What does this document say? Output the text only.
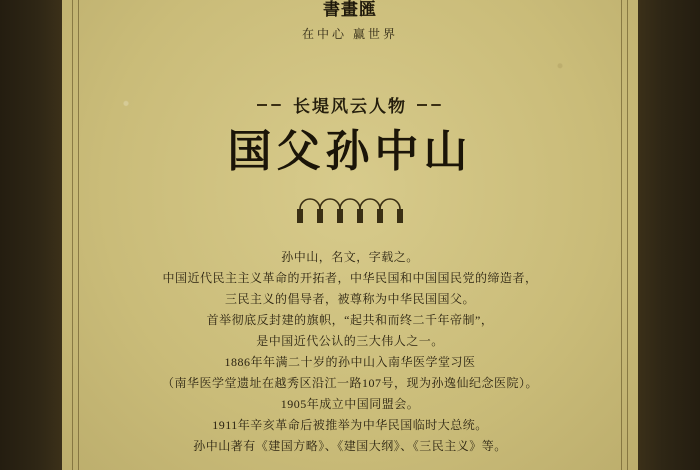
書畫匯
在中心 赢世界
长堤风云人物
国父孙中山

孙中山，名文，字载之。

中国近代民主主义革命的开拓者，中华民国和中国国民党的缔造者，

三民主义的倡导者，被尊称为中华民国国父。

首举彻底反封建的旗帜，“起共和而终二千年帝制”，

是中国近代公认的三大伟人之一。

1886年年满二十岁的孙中山入南华医学堂习医

（南华医学堂遗址在越秀区沿江一路107号，现为孙逸仙纪念医院）。

1905年成立中国同盟会。

1911年辛亥革命后被推举为中华民国临时大总统。

孙中山著有《建国方略》、《建国大纲》、《三民主义》等。
